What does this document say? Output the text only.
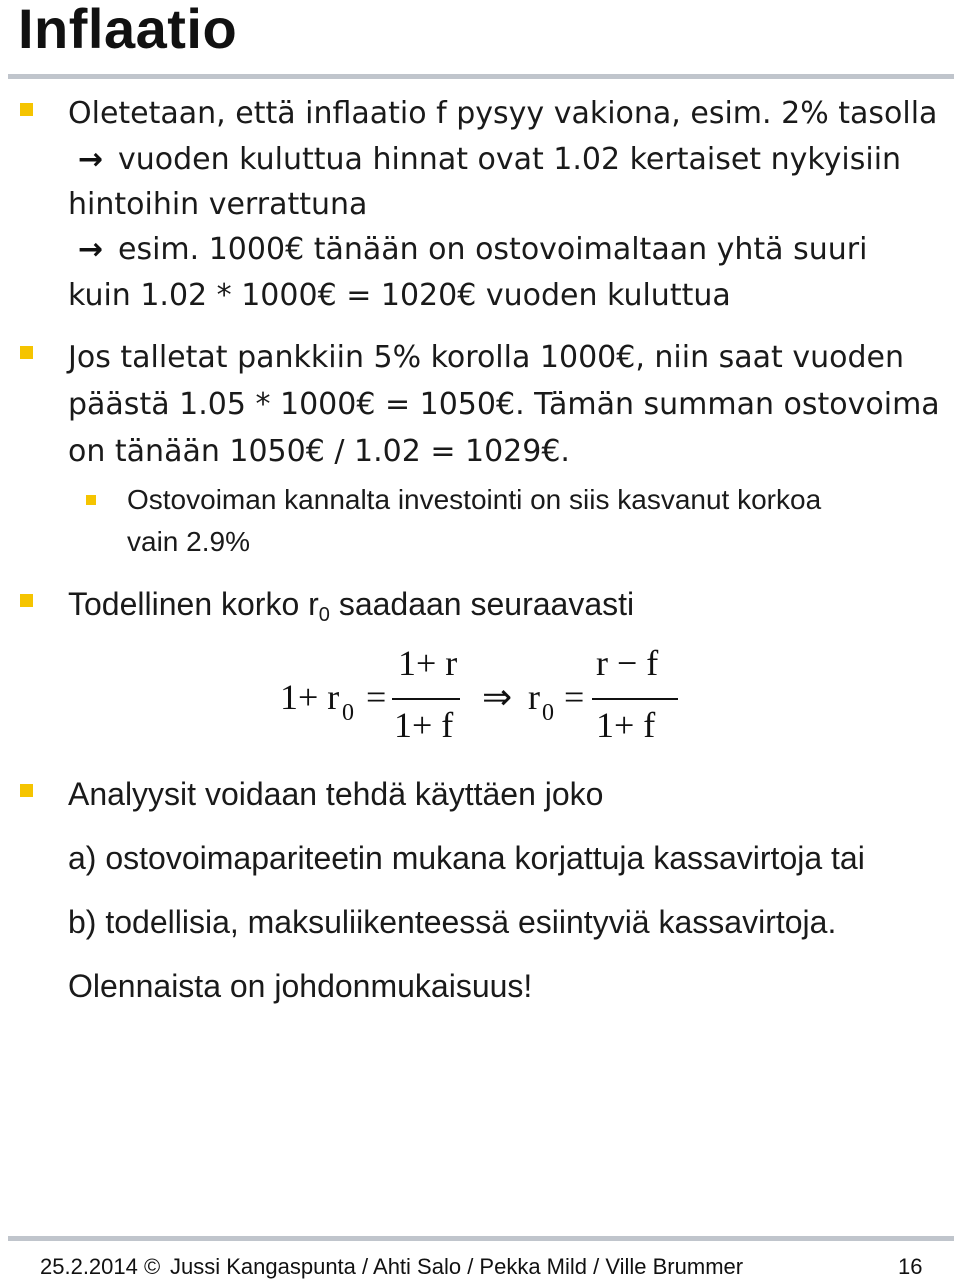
Inflaatio
Oletetaan, että inflaatio f pysyy vakiona, esim. 2% tasolla
→ vuoden kuluttua hinnat ovat 1.02 kertaiset nykyisiin
hintoihin verrattuna
→ esim. 1000€ tänään on ostovoimaltaan yhtä suuri
kuin 1.02 * 1000€ = 1020€ vuoden kuluttua
Jos talletat pankkiin 5% korolla 1000€, niin saat vuoden
päästä 1.05 * 1000€ = 1050€. Tämän summan ostovoima
on tänään 1050€ / 1.02 = 1029€.
Ostovoiman kannalta investointi on siis kasvanut korkoa
vain 2.9%
Todellinen korko $r_0$ saadaan seuraavasti
1+ r 0 =
1+ r
1+ f
⇒ r 0 =
r − f
1+ f
Analyysit voidaan tehdä käyttäen joko
a) ostovoimapariteetin mukana korjattuja kassavirtoja tai
b) todellisia, maksuliikenteessä esiintyviä kassavirtoja.
Olennaista on johdonmukaisuus!
25.2.2014 © Jussi Kangaspunta / Ahti Salo / Pekka Mild / Ville Brummer	16
